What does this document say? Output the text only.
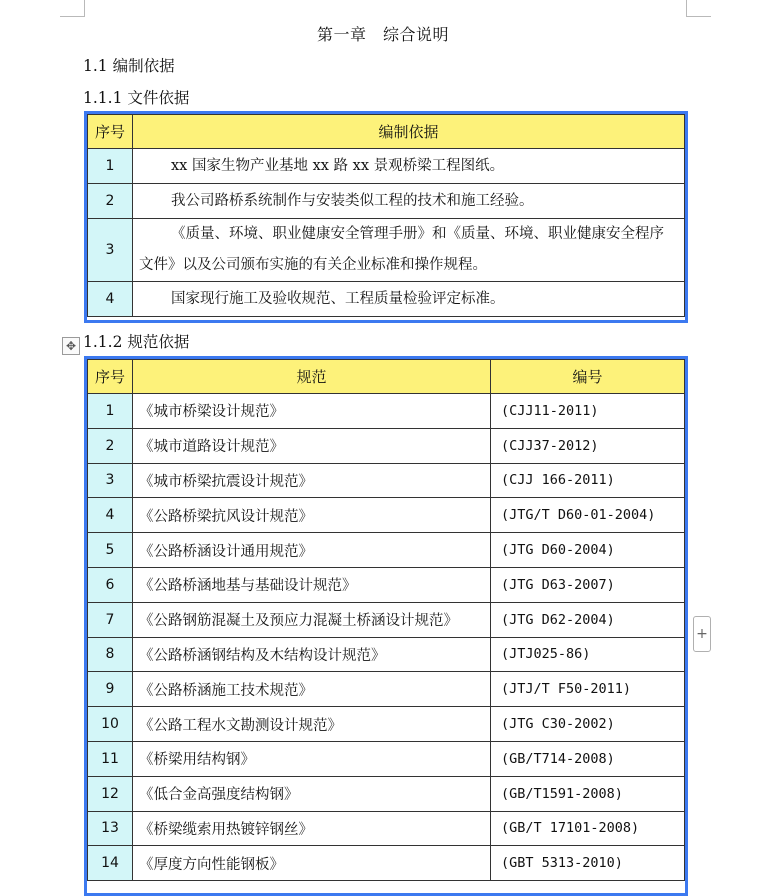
第一章　综合说明
1.1 编制依据
1.1.1 文件依据
序号	编制依据
1	xx 国家生物产业基地 xx 路 xx 景观桥梁工程图纸。
2	我公司路桥系统制作与安装类似工程的技术和施工经验。
3	《质量、环境、职业健康安全管理手册》和《质量、环境、职业健康安全程序文件》以及公司颁布实施的有关企业标准和操作规程。
4	国家现行施工及验收规范、工程质量检验评定标准。
✥ 1.1.2 规范依据
序号	规范	编号
1	《城市桥梁设计规范》	(CJJ11-2011)
2	《城市道路设计规范》	(CJJ37-2012)
3	《城市桥梁抗震设计规范》	(CJJ 166-2011)
4	《公路桥梁抗风设计规范》	(JTG/T D60-01-2004)
5	《公路桥涵设计通用规范》	(JTG D60-2004)
6	《公路桥涵地基与基础设计规范》	(JTG D63-2007)
7	《公路钢筋混凝土及预应力混凝土桥涵设计规范》	(JTG D62-2004)
8	《公路桥涵钢结构及木结构设计规范》	(JTJ025-86)
9	《公路桥涵施工技术规范》	(JTJ/T F50-2011)
10	《公路工程水文勘测设计规范》	(JTG C30-2002)
11	《桥梁用结构钢》	(GB/T714-2008)
12	《低合金高强度结构钢》	(GB/T1591-2008)
13	《桥梁缆索用热镀锌钢丝》	(GB/T 17101-2008)
14	《厚度方向性能钢板》	(GBT 5313-2010)
+
